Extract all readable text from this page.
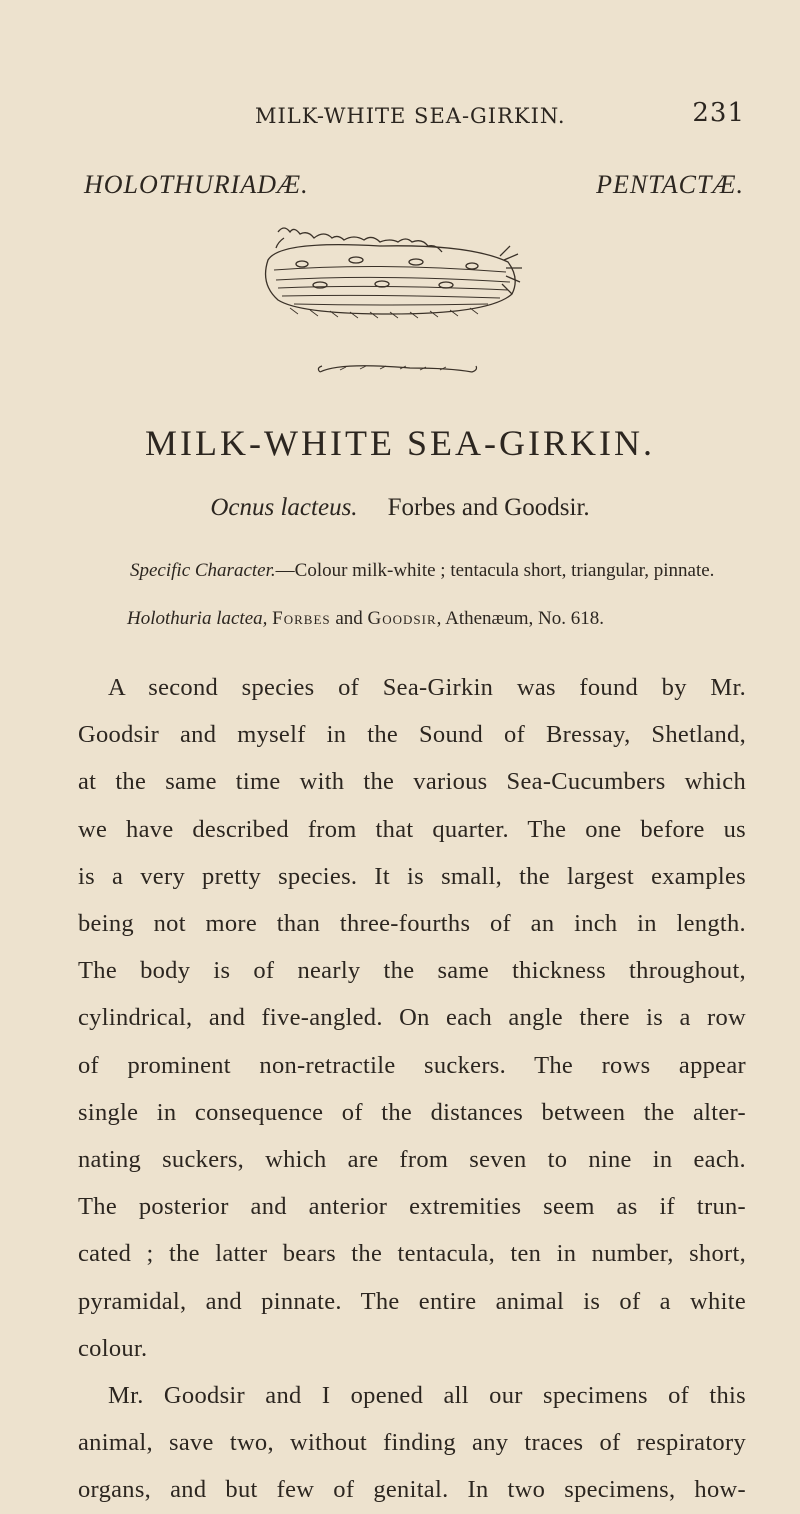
MILK-WHITE SEA-GIRKIN.	231
HOLOTHURIADÆ.	PENTACTÆ.
MILK-WHITE SEA-GIRKIN.
Ocnus lacteus. Forbes and Goodsir.
Specific Character.—Colour milk-white ; tentacula short, triangular, pinnate.
Holothuria lactea, Forbes and Goodsir, Athenæum, No. 618.
A second species of Sea-Girkin was found by Mr.
Goodsir and myself in the Sound of Bressay, Shetland,
at the same time with the various Sea-Cucumbers which
we have described from that quarter. The one before us
is a very pretty species. It is small, the largest examples
being not more than three-fourths of an inch in length.
The body is of nearly the same thickness throughout,
cylindrical, and five-angled. On each angle there is a row
of prominent non-retractile suckers. The rows appear
single in consequence of the distances between the alter-
nating suckers, which are from seven to nine in each.
The posterior and anterior extremities seem as if trun-
cated ; the latter bears the tentacula, ten in number, short,
pyramidal, and pinnate. The entire animal is of a white
colour.
Mr. Goodsir and I opened all our specimens of this
animal, save two, without finding any traces of respiratory
organs, and but few of genital. In two specimens, how-
